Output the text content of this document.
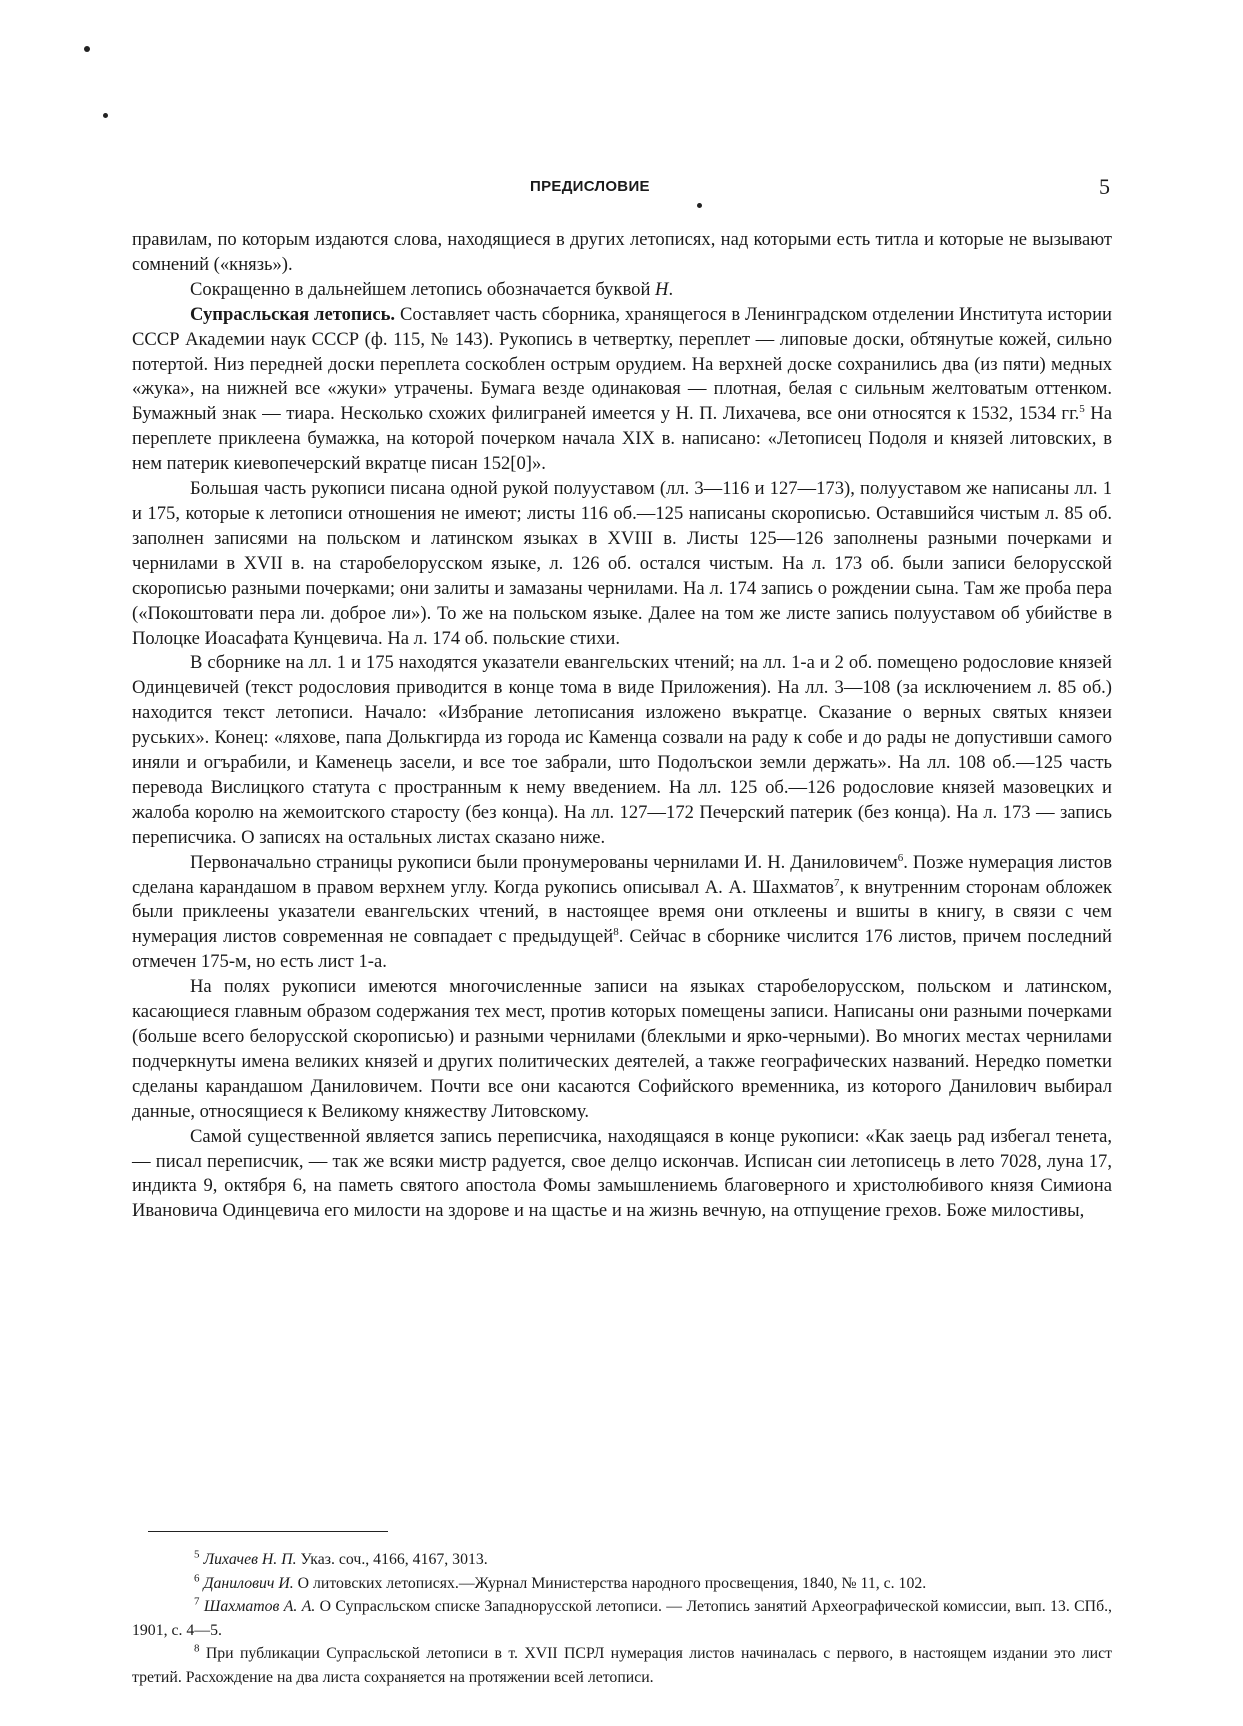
ПРЕДИСЛОВИЕ	5

правилам, по которым издаются слова, находящиеся в других летописях, над которыми есть титла и которые не вызывают сомнений («князь»).

Сокращенно в дальнейшем летопись обозначается буквой Н.

Супрасльская летопись. Составляет часть сборника, хранящегося в Ленинградском отделении Института истории СССР Академии наук СССР (ф. 115, № 143). Рукопись в четвертку, переплет — липовые доски, обтянутые кожей, сильно потертой. Низ передней доски переплета соскоблен острым орудием. На верхней доске сохранились два (из пяти) медных «жука», на нижней все «жуки» утрачены. Бумага везде одинаковая — плотная, белая с сильным желтоватым оттенком. Бумажный знак — тиара. Несколько схожих филиграней имеется у Н. П. Лихачева, все они относятся к 1532, 1534 гг.$^5$ На переплете приклеена бумажка, на которой почерком начала XIX в. написано: «Летописец Подоля и князей литовских, в нем патерик киевопечерский вкратце писан 152[0]».

Большая часть рукописи писана одной рукой полууставом (лл. 3—116 и 127—173), полууставом же написаны лл. 1 и 175, которые к летописи отношения не имеют; листы 116 об.—125 написаны скорописью. Оставшийся чистым л. 85 об. заполнен записями на польском и латинском языках в XVIII в. Листы 125—126 заполнены разными почерками и чернилами в XVII в. на старобелорусском языке, л. 126 об. остался чистым. На л. 173 об. были записи белорусской скорописью разными почерками; они залиты и замазаны чернилами. На л. 174 запись о рождении сына. Там же проба пера («Покоштовати пера ли. доброе ли»). То же на польском языке. Далее на том же листе запись полууставом об убийстве в Полоцке Иоасафата Кунцевича. На л. 174 об. польские стихи.

В сборнике на лл. 1 и 175 находятся указатели евангельских чтений; на лл. 1-а и 2 об. помещено родословие князей Одинцевичей (текст родословия приводится в конце тома в виде Приложения). На лл. 3—108 (за исключением л. 85 об.) находится текст летописи. Начало: «Избрание летописания изложено въкратце. Сказание о верных святых князеи руських». Конец: «ляхове, папа Долькгирда из города ис Каменца созвали на раду к собе и до рады не допустивши самого иняли и огърабили, и Каменець засели, и все тое забрали, што Подолъскои земли держать». На лл. 108 об.—125 часть перевода Вислицкого статута с пространным к нему введением. На лл. 125 об.—126 родословие князей мазовецких и жалоба королю на жемоитского старосту (без конца). На лл. 127—172 Печерский патерик (без конца). На л. 173 — запись переписчика. О записях на остальных листах сказано ниже.

Первоначально страницы рукописи были пронумерованы чернилами И. Н. Даниловичем$^6$. Позже нумерация листов сделана карандашом в правом верхнем углу. Когда рукопись описывал А. А. Шахматов$^7$, к внутренним сторонам обложек были приклеены указатели евангельских чтений, в настоящее время они отклеены и вшиты в книгу, в связи с чем нумерация листов современная не совпадает с предыдущей$^8$. Сейчас в сборнике числится 176 листов, причем последний отмечен 175-м, но есть лист 1-а.

На полях рукописи имеются многочисленные записи на языках старобелорусском, польском и латинском, касающиеся главным образом содержания тех мест, против которых помещены записи. Написаны они разными почерками (больше всего белорусской скорописью) и разными чернилами (блеклыми и ярко-черными). Во многих местах чернилами подчеркнуты имена великих князей и других политических деятелей, а также географических названий. Нередко пометки сделаны карандашом Даниловичем. Почти все они касаются Софийского временника, из которого Данилович выбирал данные, относящиеся к Великому княжеству Литовскому.

Самой существенной является запись переписчика, находящаяся в конце рукописи: «Как заець рад избегал тенета, — писал переписчик, — так же всяки мистр радуется, свое делцо искончав. Исписан сии летописець в лето 7028, луна 17, индикта 9, октября 6, на паметь святого апостола Фомы замышлениемь благоверного и христолюбивого князя Симиона Ивановича Одинцевича его милости на здорове и на щастье и на жизнь вечную, на отпущение грехов. Боже милостивы,

$^5$ Лихачев Н. П. Указ. соч., 4166, 4167, 3013.

$^6$ Данилович И. О литовских летописях.—Журнал Министерства народного просвещения, 1840, № 11, с. 102.

$^7$ Шахматов А. А. О Супрасльском списке Западнорусской летописи. — Летопись занятий Археографической комиссии, вып. 13. СПб., 1901, с. 4—5.

$^8$ При публикации Супрасльской летописи в т. XVII ПСРЛ нумерация листов начиналась с первого, в настоящем издании это лист третий. Расхождение на два листа сохраняется на протяжении всей летописи.
